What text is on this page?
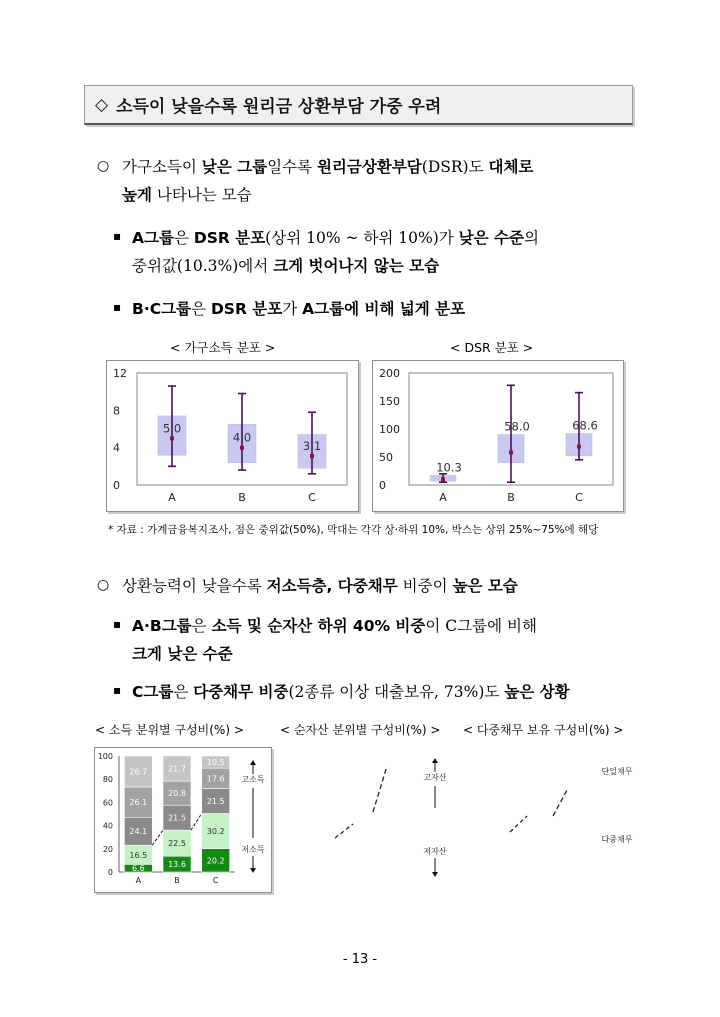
◇ 소득이 낮을수록 원리금 상환부담 가중 우려
○ 가구소득이 낮은 그룹일수록 원리금상환부담(DSR)도 대체로
높게 나타나는 모습
▪ A그룹은 DSR 분포(상위 10% ~ 하위 10%)가 낮은 수준의
중위값(10.3%)에서 크게 벗어나지 않는 모습
▪ B·C그룹은 DSR 분포가 A그룹에 비해 넓게 분포
< 가구소득 분포 >	< DSR 분포 >
0
4
8
12
5.0
A
4.0
B
3.1
C
0
50
100
150
200
10.3
A
58.0
B
68.6
C
* 자료 : 가계금융복지조사, 점은 중위값(50%), 막대는 각각 상·하위 10%, 박스는 상위 25%~75%에 해당
○ 상환능력이 낮을수록 저소득층, 다중채무 비중이 높은 모습
▪ A·B그룹은 소득 및 순자산 하위 40% 비중이 C그룹에 비해
크게 낮은 수준
▪ C그룹은 다중채무 비중(2종류 이상 대출보유, 73%)도 높은 상황
< 소득 분위별 구성비(%) >	< 순자산 분위별 구성비(%) > < 다중채무 보유 구성비(%) >
0
20
40
60
80
100
6.6
16.5
24.1
26.1
26.7
A
13.6
22.5
21.5
20.8
21.7
B
20.2
30.2
21.5
17.6
10.5
C
고소득
저소득
고자산
저자산
단일채무
다중채무
- 13 -
